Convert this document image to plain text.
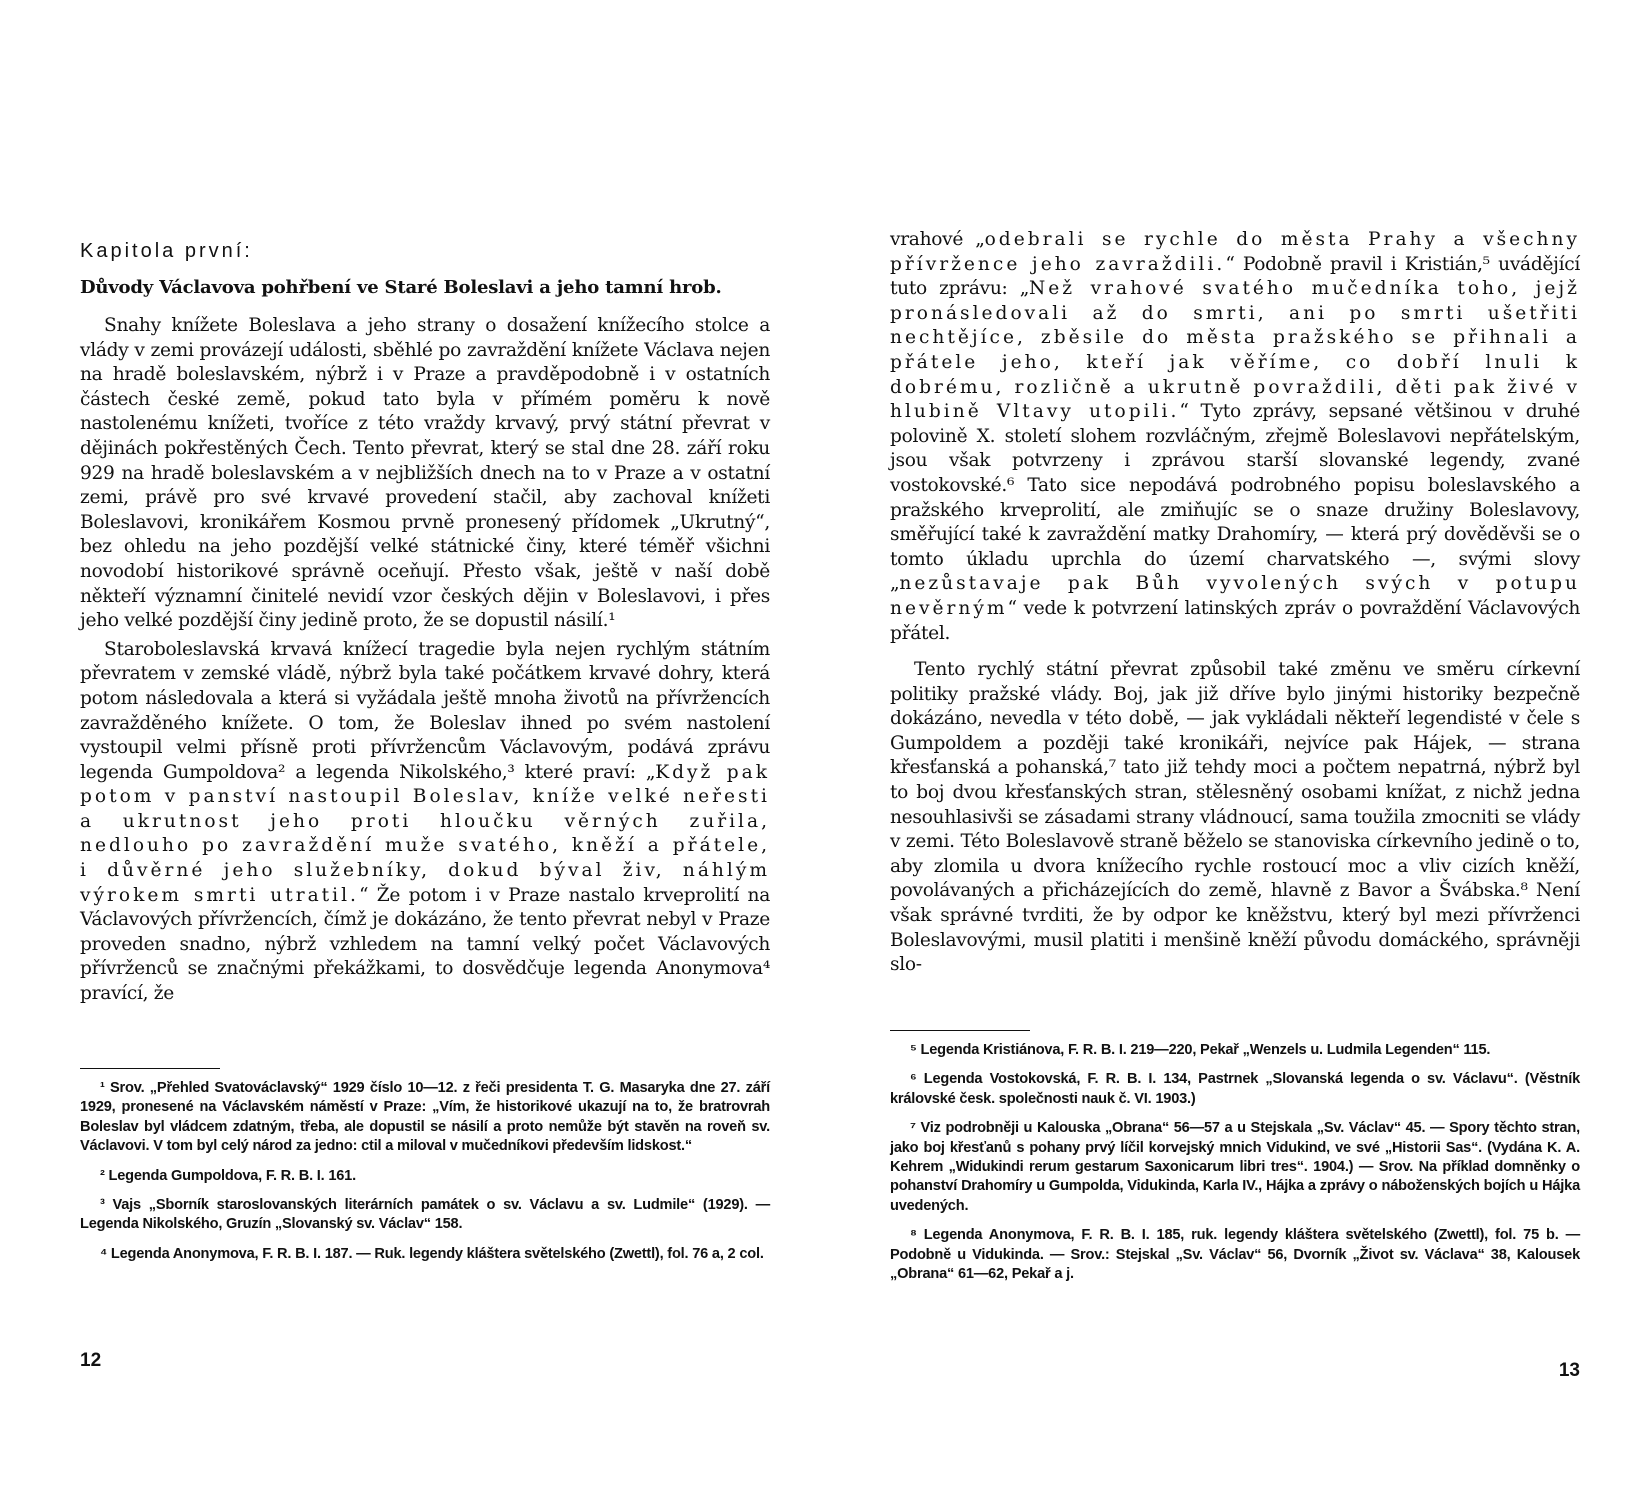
Kapitola první:
Důvody Václavova pohřbení ve Staré Boleslavi a jeho tamní hrob.

Snahy knížete Boleslava a jeho strany o dosažení knížecího stolce a vlády v zemi provázejí události, sběhlé po zavraždění knížete Václava nejen na hradě boleslavském, nýbrž i v Praze a pravděpodobně i v ostatních částech české země, pokud tato byla v přímém poměru k nově nastolenému knížeti, tvoříce z této vraždy krvavý, prvý státní převrat v dějinách pokřestěných Čech. Tento převrat, který se stal dne 28. září roku 929 na hradě boleslavském a v nejbližších dnech na to v Praze a v ostatní zemi, právě pro své krvavé provedení stačil, aby zachoval knížeti Boleslavovi, kronikářem Kosmou prvně pronesený přídomek „Ukrutný“, bez ohledu na jeho pozdější velké státnické činy, které téměř všichni novodobí historikové správně oceňují. Přesto však, ještě v naší době někteří významní činitelé nevidí vzor českých dějin v Boleslavovi, i přes jeho velké pozdější činy jedině proto, že se dopustil násilí.¹

Staroboleslavská krvavá knížecí tragedie byla nejen rychlým státním převratem v zemské vládě, nýbrž byla také počátkem krvavé dohry, která potom následovala a která si vyžádala ještě mnoha životů na přívržencích zavražděného knížete. O tom, že Boleslav ihned po svém nastolení vystoupil velmi přísně proti přívržencům Václavovým, podává zprávu legenda Gumpoldova² a legenda Nikolského,³ které praví: „Když pak potom v panství nastoupil Boleslav, kníže velké neřesti a ukrutnost jeho proti hloučku věrných zuřila, nedlouho po zavraždění muže svatého, kněží a přátele, i důvěrné jeho služebníky, dokud býval živ, náhlým výrokem smrti utratil.“ Že potom i v Praze nastalo krveprolití na Václavových přívržencích, čímž je dokázáno, že tento převrat nebyl v Praze proveden snadno, nýbrž vzhledem na tamní velký počet Václavových přívrženců se značnými překážkami, to dosvědčuje legenda Anonymova⁴ pravící, že

¹ Srov. „Přehled Svatováclavský“ 1929 číslo 10—12. z řeči presidenta T. G. Masaryka dne 27. září 1929, pronesené na Václavském náměstí v Praze: „Vím, že historikové ukazují na to, že bratrovrah Boleslav byl vládcem zdatným, třeba, ale dopustil se násilí a proto nemůže být stavěn na roveň sv. Václavovi. V tom byl celý národ za jedno: ctil a miloval v mučedníkovi především lidskost.“

² Legenda Gumpoldova, F. R. B. I. 161.

³ Vajs „Sborník staroslovanských literárních památek o sv. Václavu a sv. Ludmile“ (1929). — Legenda Nikolského, Gruzín „Slovanský sv. Václav“ 158.

⁴ Legenda Anonymova, F. R. B. I. 187. — Ruk. legendy kláštera světelského (Zwettl), fol. 76 a, 2 col.

12

vrahové „odebrali se rychle do města Prahy a všechny přívržence jeho zavraždili.“ Podobně pravil i Kristián,⁵ uvádějící tuto zprávu: „Než vrahové svatého mučedníka toho, jejž pronásledovali až do smrti, ani po smrti ušetřiti nechtějíce, zběsile do města pražského se přihnali a přátele jeho, kteří jak věříme, co dobří lnuli k dobrému, rozličně a ukrutně povraždili, děti pak živé v hlubině Vltavy utopili.“ Tyto zprávy, sepsané většinou v druhé polovině X. století slohem rozvláčným, zřejmě Boleslavovi nepřátelským, jsou však potvrzeny i zprávou starší slovanské legendy, zvané vostokovské.⁶ Tato sice nepodává podrobného popisu boleslavského a pražského krveprolití, ale zmiňujíc se o snaze družiny Boleslavovy, směřující také k zavraždění matky Drahomíry, — která prý dověděvši se o tomto úkladu uprchla do území charvatského —, svými slovy „nezůstavaje pak Bůh vyvolených svých v potupu nevěrným“ vede k potvrzení latinských zpráv o povraždění Václavových přátel.

Tento rychlý státní převrat způsobil také změnu ve směru církevní politiky pražské vlády. Boj, jak již dříve bylo jinými historiky bezpečně dokázáno, nevedla v této době, — jak vykládali někteří legendisté v čele s Gumpoldem a později také kronikáři, nejvíce pak Hájek, — strana křesťanská a pohanská,⁷ tato již tehdy moci a počtem nepatrná, nýbrž byl to boj dvou křesťanských stran, stělesněný osobami knížat, z nichž jedna nesouhlasivši se zásadami strany vládnoucí, sama toužila zmocniti se vlády v zemi. Této Boleslavově straně běželo se stanoviska církevního jedině o to, aby zlomila u dvora knížecího rychle rostoucí moc a vliv cizích kněží, povolávaných a přicházejících do země, hlavně z Bavor a Švábska.⁸ Není však správné tvrditi, že by odpor ke kněžstvu, který byl mezi přívrženci Boleslavovými, musil platiti i menšině kněží původu domáckého, správněji slo-

⁵ Legenda Kristiánova, F. R. B. I. 219—220, Pekař „Wenzels u. Ludmila Legenden“ 115.

⁶ Legenda Vostokovská, F. R. B. I. 134, Pastrnek „Slovanská legenda o sv. Václavu“. (Věstník královské česk. společnosti nauk č. VI. 1903.)

⁷ Viz podrobněji u Kalouska „Obrana“ 56—57 a u Stejskala „Sv. Václav“ 45. — Spory těchto stran, jako boj křesťanů s pohany prvý líčil korvejský mnich Vidukind, ve své „Historii Sas“. (Vydána K. A. Kehrem „Widukindi rerum gestarum Saxonicarum libri tres“. 1904.) — Srov. Na příklad domněnky o pohanství Drahomíry u Gumpolda, Vidukinda, Karla IV., Hájka a zprávy o náboženských bojích u Hájka uvedených.

⁸ Legenda Anonymova, F. R. B. I. 185, ruk. legendy kláštera světelského (Zwettl), fol. 75 b. — Podobně u Vidukinda. — Srov.: Stejskal „Sv. Václav“ 56, Dvorník „Život sv. Václava“ 38, Kalousek „Obrana“ 61—62, Pekař a j.

13
